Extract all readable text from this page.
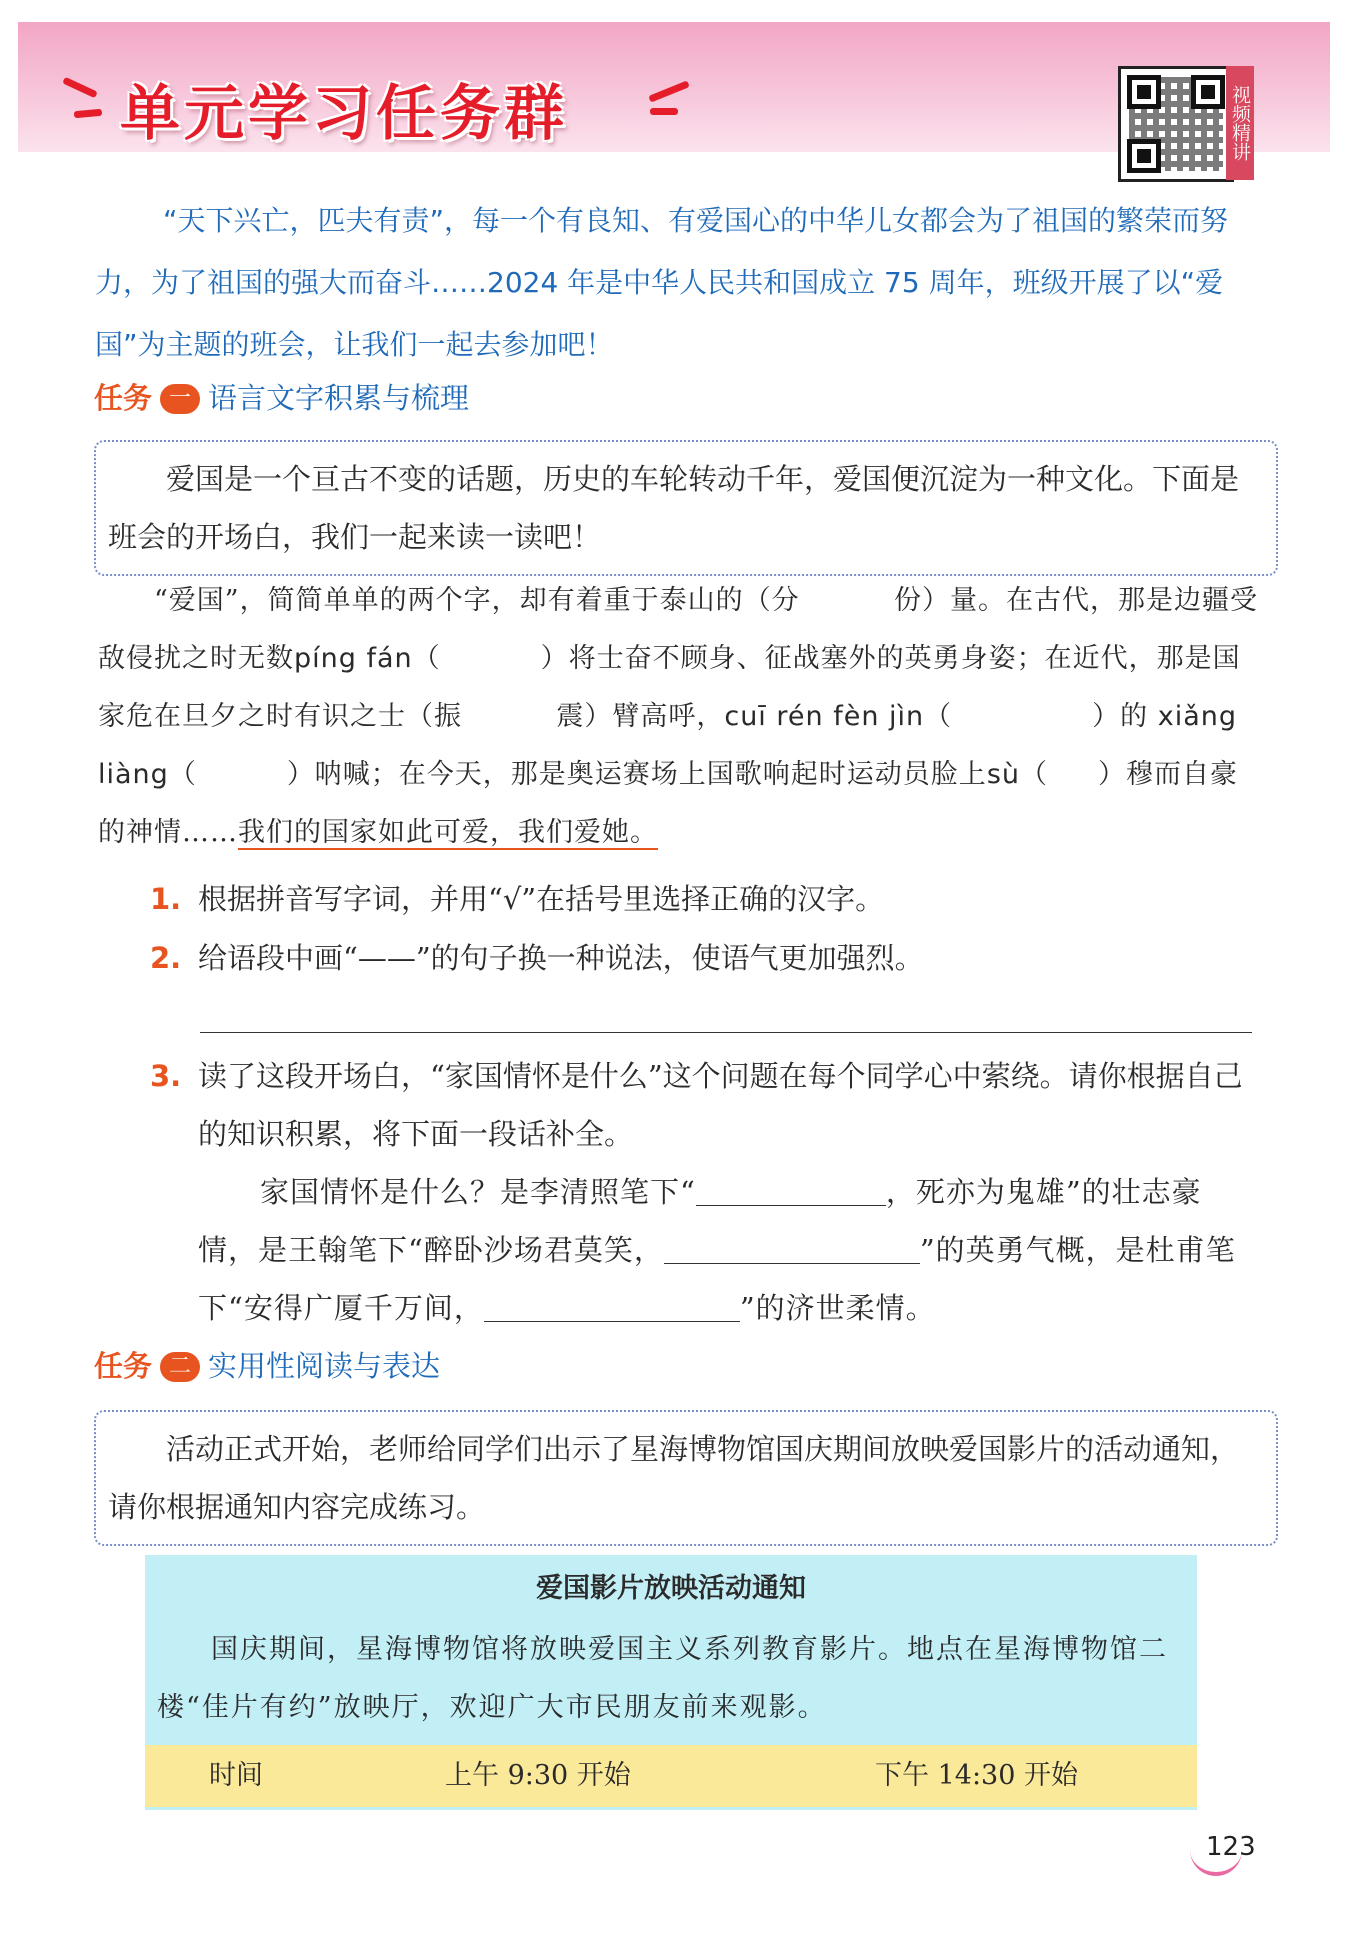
单元学习任务群	视频精讲

“天下兴亡，匹夫有责”，每一个有良知、有爱国心的中华儿女都会为了祖国的繁荣而努力，为了祖国的强大而奋斗……2024 年是中华人民共和国成立 75 周年，班级开展了以“爱国”为主题的班会，让我们一起去参加吧！

任务 一 语言文字积累与梳理

爱国是一个亘古不变的话题，历史的车轮转动千年，爱国便沉淀为一种文化。下面是班会的开场白，我们一起来读一读吧！

“爱国”，简简单单的两个字，却有着重于泰山的（分	份）量。在古代，那是边疆受敌侵扰之时无数píng fán（	）将士奋不顾身、征战塞外的英勇身姿；在近代，那是国家危在旦夕之时有识之士（振	震）臂高呼，cuī rén fèn jìn（	）的 xiǎng liàng（	）呐喊；在今天，那是奥运赛场上国歌响起时运动员脸上sù（ ）穆而自豪的神情……我们的国家如此可爱，我们爱她。

1. 根据拼音写字词，并用“√”在括号里选择正确的汉字。
2. 给语段中画“——”的句子换一种说法，使语气更加强烈。
3. 读了这段开场白，“家国情怀是什么”这个问题在每个同学心中萦绕。请你根据自己的知识积累，将下面一段话补全。
家国情怀是什么？是李清照笔下“	，死亦为鬼雄”的壮志豪情，是王翰笔下“醉卧沙场君莫笑，	”的英勇气概，是杜甫笔下“安得广厦千万间，	”的济世柔情。
任务 二 实用性阅读与表达

活动正式开始，老师给同学们出示了星海博物馆国庆期间放映爱国影片的活动通知，请你根据通知内容完成练习。

爱国影片放映活动通知

国庆期间，星海博物馆将放映爱国主义系列教育影片。地点在星海博物馆二楼“佳片有约”放映厅，欢迎广大市民朋友前来观影。

时间	上午 9:30 开始	下午 14:30 开始
123
